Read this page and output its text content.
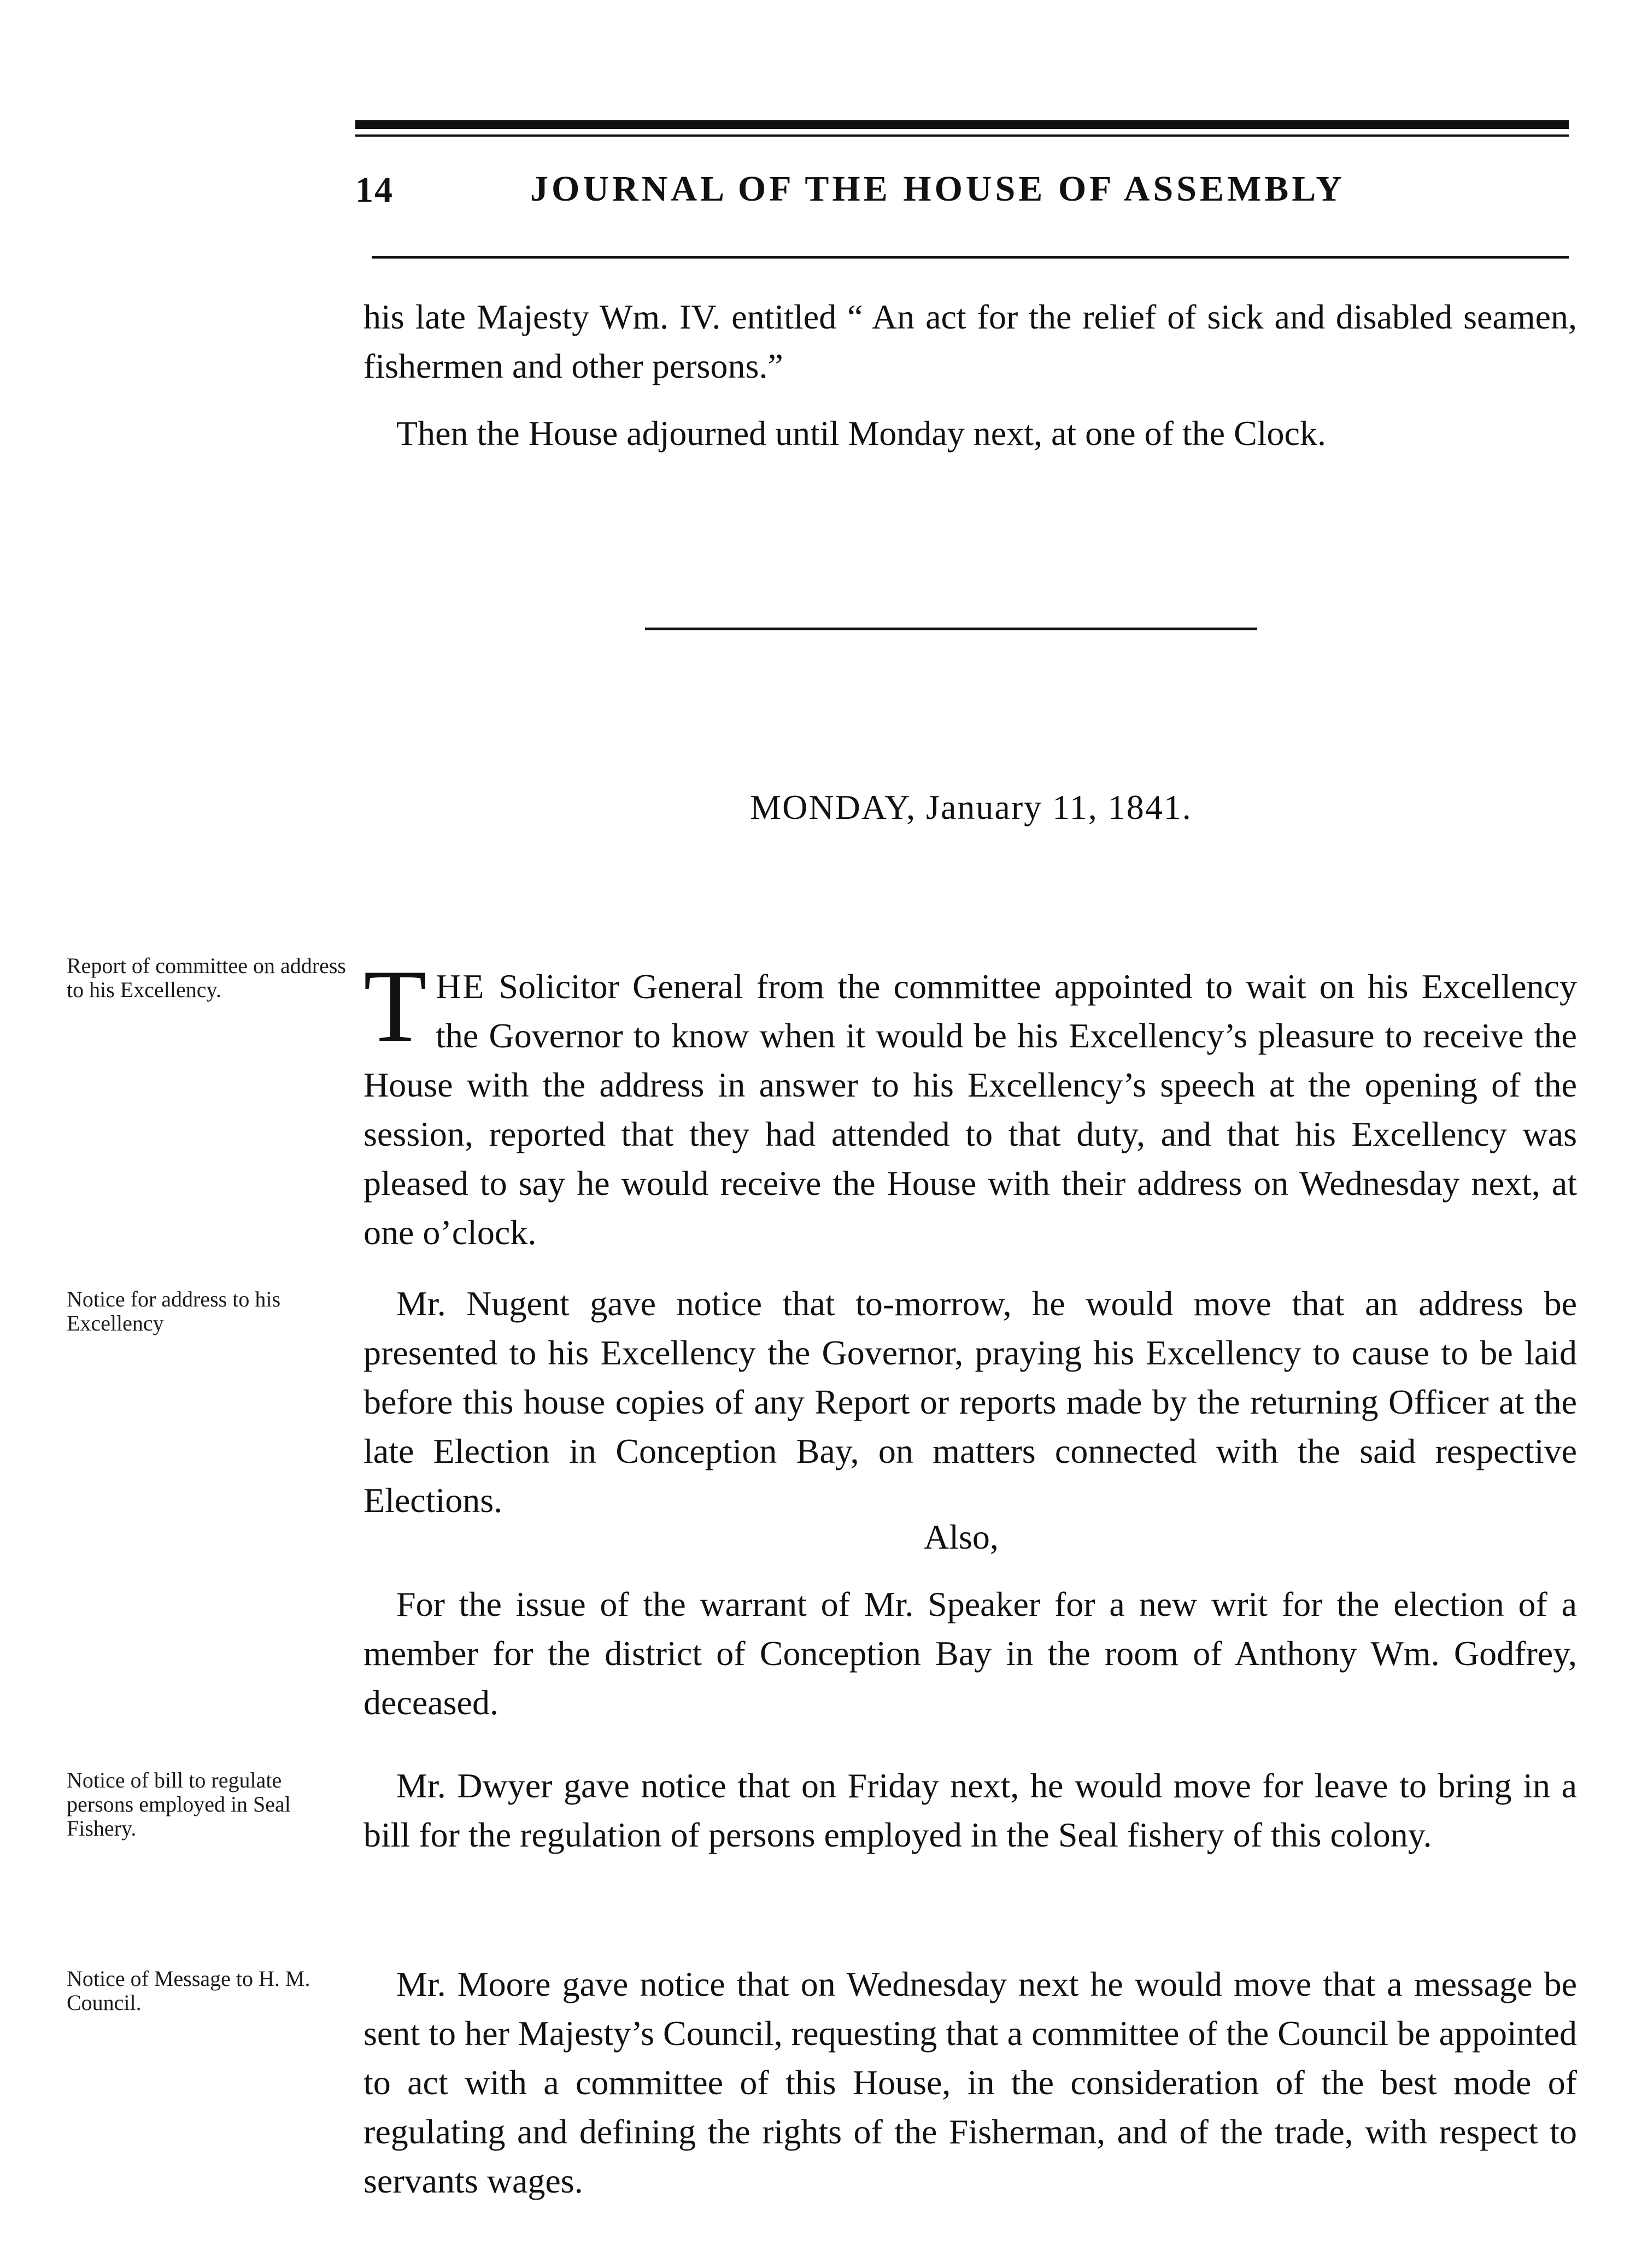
14	JOURNAL OF THE HOUSE OF ASSEMBLY
his late Majesty Wm. IV. entitled “ An act for the relief of sick and disabled seamen, fishermen and other persons.”
Then the House adjourned until Monday next, at one of the Clock.
MONDAY, January 11, 1841.
Report of committee on address to his Excellency.	THE Solicitor General from the committee appointed to wait on his Excellency the Governor to know when it would be his Excellency’s pleasure to receive the House with the address in answer to his Excellency’s speech at the opening of the session, reported that they had attended to that duty, and that his Excellency was pleased to say he would receive the House with their address on Wednesday next, at one o’clock.
Notice for address to his Excellency
Mr. Nugent gave notice that to-morrow, he would move that an address be presented to his Excellency the Governor, praying his Excellency to cause to be laid before this house copies of any Report or reports made by the returning Officer at the late Election in Conception Bay, on matters connected with the said respective Elections.
Also,
For the issue of the warrant of Mr. Speaker for a new writ for the election of a member for the district of Conception Bay in the room of Anthony Wm. Godfrey, deceased.
Notice of bill to regulate persons employed in Seal Fishery.
Mr. Dwyer gave notice that on Friday next, he would move for leave to bring in a bill for the regulation of persons employed in the Seal fishery of this colony.
Notice of Message to H. M. Council.	Mr. Moore gave notice that on Wednesday next he would move that a message be sent to her Majesty’s Council, requesting that a committee of the Council be appointed to act with a committee of this House, in the consideration of the best mode of regulating and defining the rights of the Fisherman, and of the trade, with respect to servants wages.
